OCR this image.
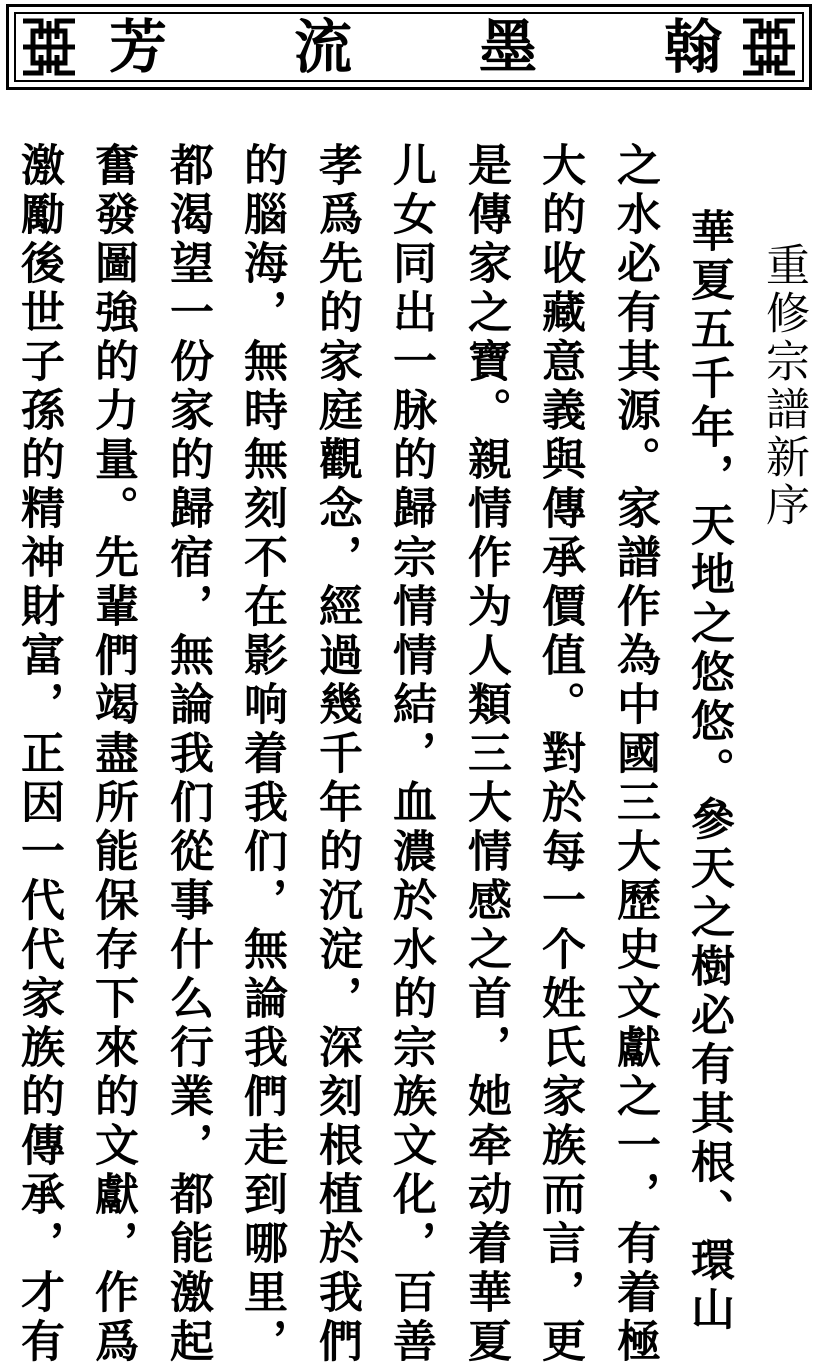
芳 流 墨 翰
重修宗譜新序
華夏五千年，天地之悠悠。參天之樹必有其根、環山
之水必有其源。家譜作為中國三大歷史文獻之一，有着極
大的收藏意義與傳承價值。對於每一个姓氏家族而言，更
是傳家之寶。親情作为人類三大情感之首，她牵动着華夏
儿女同出一脉的歸宗情情結，血濃於水的宗族文化，百善
孝爲先的家庭觀念，經過幾千年的沉淀，深刻根植於我們
的腦海，無時無刻不在影响着我们，無論我們走到哪里，
都渴望一份家的歸宿，無論我们從事什么行業，都能激起
奮發圖強的力量。先輩們竭盡所能保存下來的文獻，作爲
激勵後世子孫的精神財富，正因一代代家族的傳承，才有
